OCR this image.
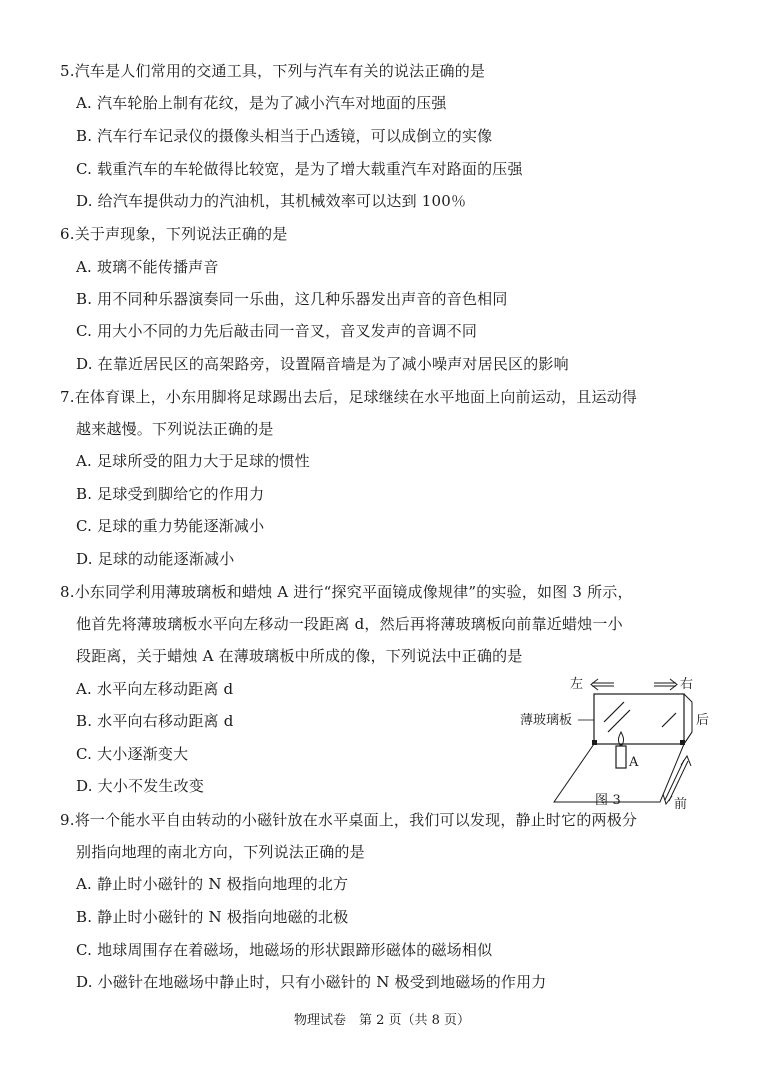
5.汽车是人们常用的交通工具，下列与汽车有关的说法正确的是
A. 汽车轮胎上制有花纹，是为了减小汽车对地面的压强
B. 汽车行车记录仪的摄像头相当于凸透镜，可以成倒立的实像
C. 载重汽车的车轮做得比较宽，是为了增大载重汽车对路面的压强
D. 给汽车提供动力的汽油机，其机械效率可以达到 100％
6.关于声现象，下列说法正确的是
A. 玻璃不能传播声音
B. 用不同种乐器演奏同一乐曲，这几种乐器发出声音的音色相同
C. 用大小不同的力先后敲击同一音叉，音叉发声的音调不同
D. 在靠近居民区的高架路旁，设置隔音墙是为了减小噪声对居民区的影响
7.在体育课上，小东用脚将足球踢出去后，足球继续在水平地面上向前运动，且运动得
越来越慢。下列说法正确的是
A. 足球所受的阻力大于足球的惯性
B. 足球受到脚给它的作用力
C. 足球的重力势能逐渐减小
D. 足球的动能逐渐减小
8.小东同学利用薄玻璃板和蜡烛 A 进行“探究平面镜成像规律”的实验，如图 3 所示，
他首先将薄玻璃板水平向左移动一段距离 d，然后再将薄玻璃板向前靠近蜡烛一小
段距离，关于蜡烛 A 在薄玻璃板中所成的像，下列说法中正确的是
A. 水平向左移动距离 d
B. 水平向右移动距离 d
C. 大小逐渐变大
D. 大小不发生改变
左	右
薄玻璃板
A
后
前
图 3
9.将一个能水平自由转动的小磁针放在水平桌面上，我们可以发现，静止时它的两极分
别指向地理的南北方向，下列说法正确的是
A. 静止时小磁针的 N 极指向地理的北方
B. 静止时小磁针的 N 极指向地磁的北极
C. 地球周围存在着磁场，地磁场的形状跟蹄形磁体的磁场相似
D. 小磁针在地磁场中静止时，只有小磁针的 N 极受到地磁场的作用力
物理试卷　第 2 页（共 8 页）
